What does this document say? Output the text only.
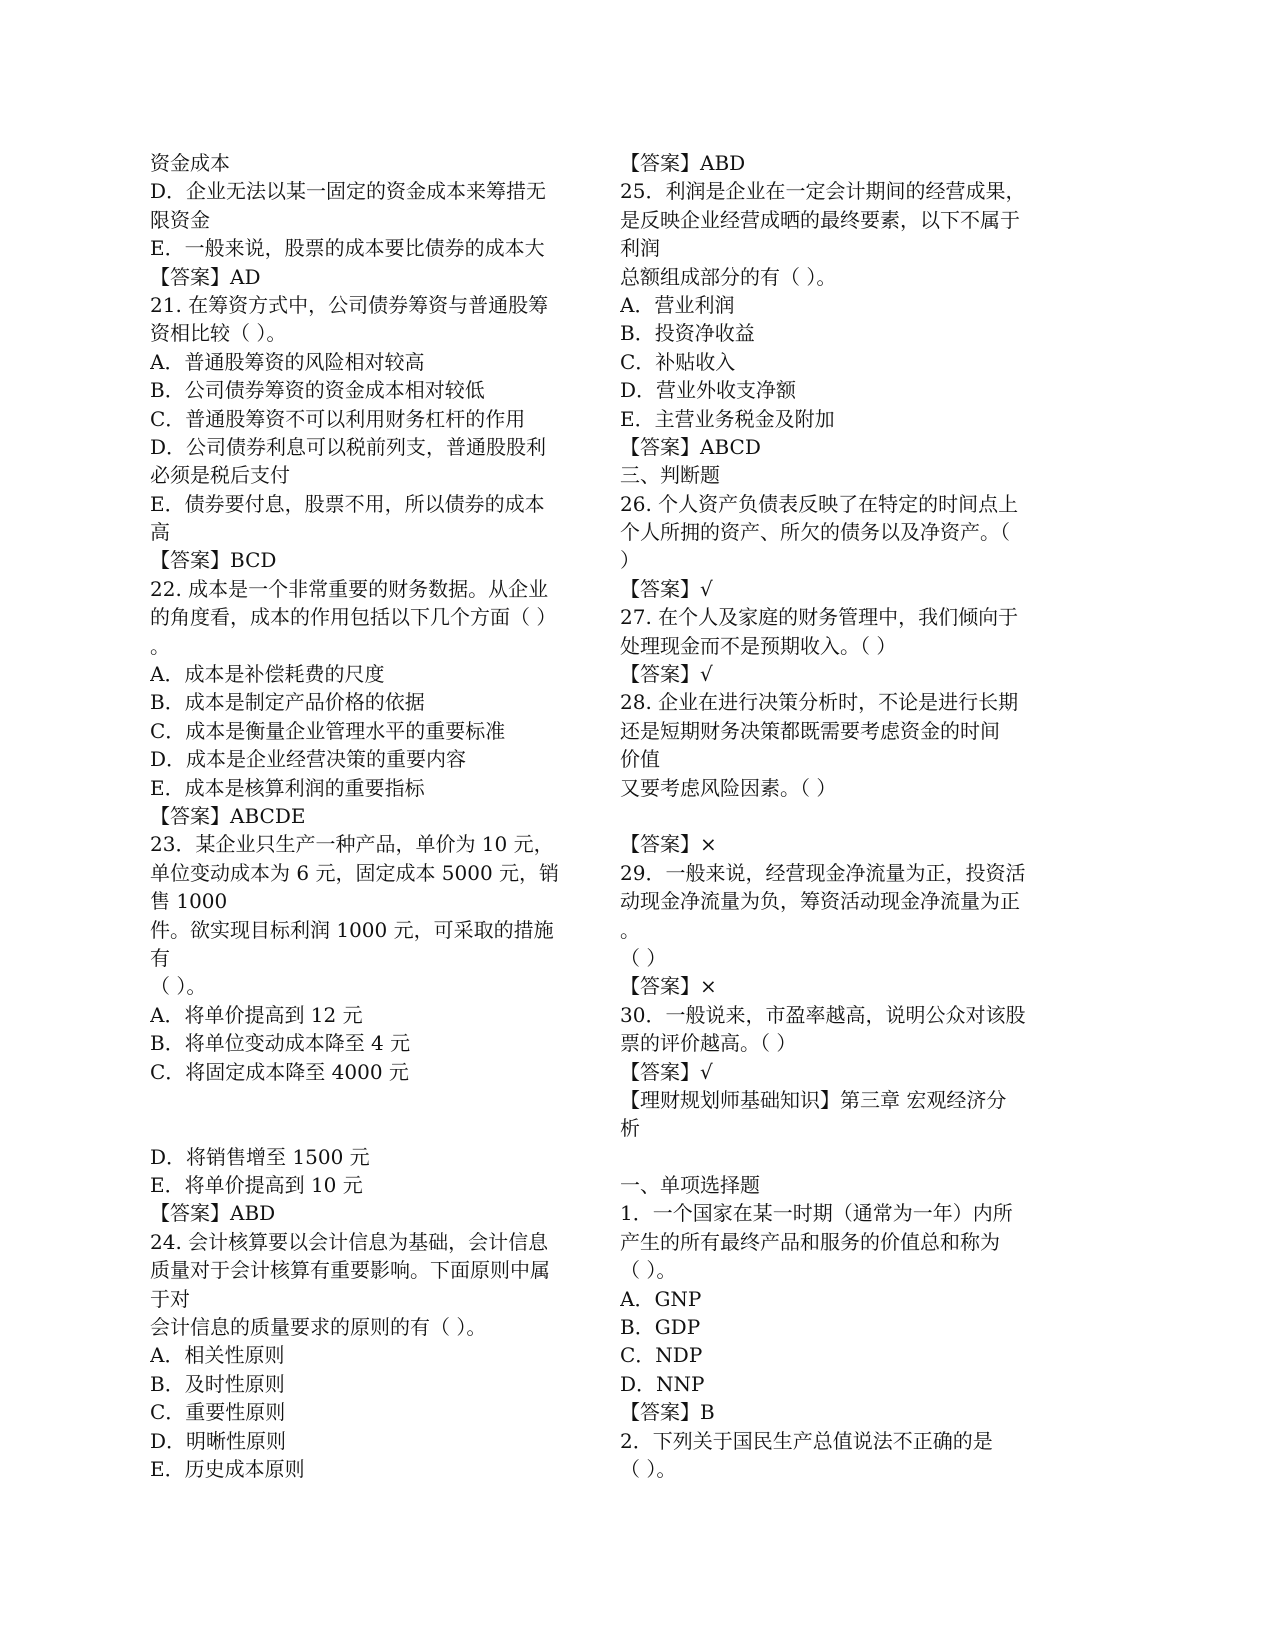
资金成本
D．企业无法以某一固定的资金成本来筹措无
限资金
E．一般来说，股票的成本要比债券的成本大
【答案】AD
21. 在筹资方式中，公司债券筹资与普通股筹
资相比较（ ）。
A．普通股筹资的风险相对较高
B．公司债券筹资的资金成本相对较低
C．普通股筹资不可以利用财务杠杆的作用
D．公司债券利息可以税前列支，普通股股利
必须是税后支付
E．债券要付息，股票不用，所以债券的成本
高
【答案】BCD
22. 成本是一个非常重要的财务数据。从企业
的角度看，成本的作用包括以下几个方面（ ）
。
A．成本是补偿耗费的尺度
B．成本是制定产品价格的依据
C．成本是衡量企业管理水平的重要标准
D．成本是企业经营决策的重要内容
E．成本是核算利润的重要指标
【答案】ABCDE
23．某企业只生产一种产品，单价为 10 元，
单位变动成本为 6 元，固定成本 5000 元，销
售 1000
件。欲实现目标利润 1000 元，可采取的措施
有
（ ）。
A．将单价提高到 12 元
B．将单位变动成本降至 4 元
C．将固定成本降至 4000 元
D．将销售增至 1500 元
E．将单价提高到 10 元
【答案】ABD
24. 会计核算要以会计信息为基础，会计信息
质量对于会计核算有重要影响。下面原则中属
于对
会计信息的质量要求的原则的有（ ）。
A．相关性原则
B．及时性原则
C．重要性原则
D．明晰性原则
E．历史成本原则
【答案】ABD
25．利润是企业在一定会计期间的经营成果，
是反映企业经营成晒的最终要素，以下不属于
利润
总额组成部分的有（ ）。
A．营业利润
B．投资净收益
C．补贴收入
D．营业外收支净额
E．主营业务税金及附加
【答案】ABCD
三、判断题
26. 个人资产负债表反映了在特定的时间点上
个人所拥的资产、所欠的债务以及净资产。（
）
【答案】√
27. 在个人及家庭的财务管理中，我们倾向于
处理现金而不是预期收入。（ ）
【答案】√
28. 企业在进行决策分析时，不论是进行长期
还是短期财务决策都既需要考虑资金的时间
价值
又要考虑风险因素。（ ）
【答案】×
29．一般来说，经营现金净流量为正，投资活
动现金净流量为负，筹资活动现金净流量为正
。
（ ）
【答案】×
30．一般说来，市盈率越高，说明公众对该股
票的评价越高。（ ）
【答案】√
【理财规划师基础知识】第三章 宏观经济分
析
一、单项选择题
1．一个国家在某一时期（通常为一年）内所
产生的所有最终产品和服务的价值总和称为
（ ）。
A．GNP
B．GDP
C．NDP
D．NNP
【答案】B
2．下列关于国民生产总值说法不正确的是
（ ）。
